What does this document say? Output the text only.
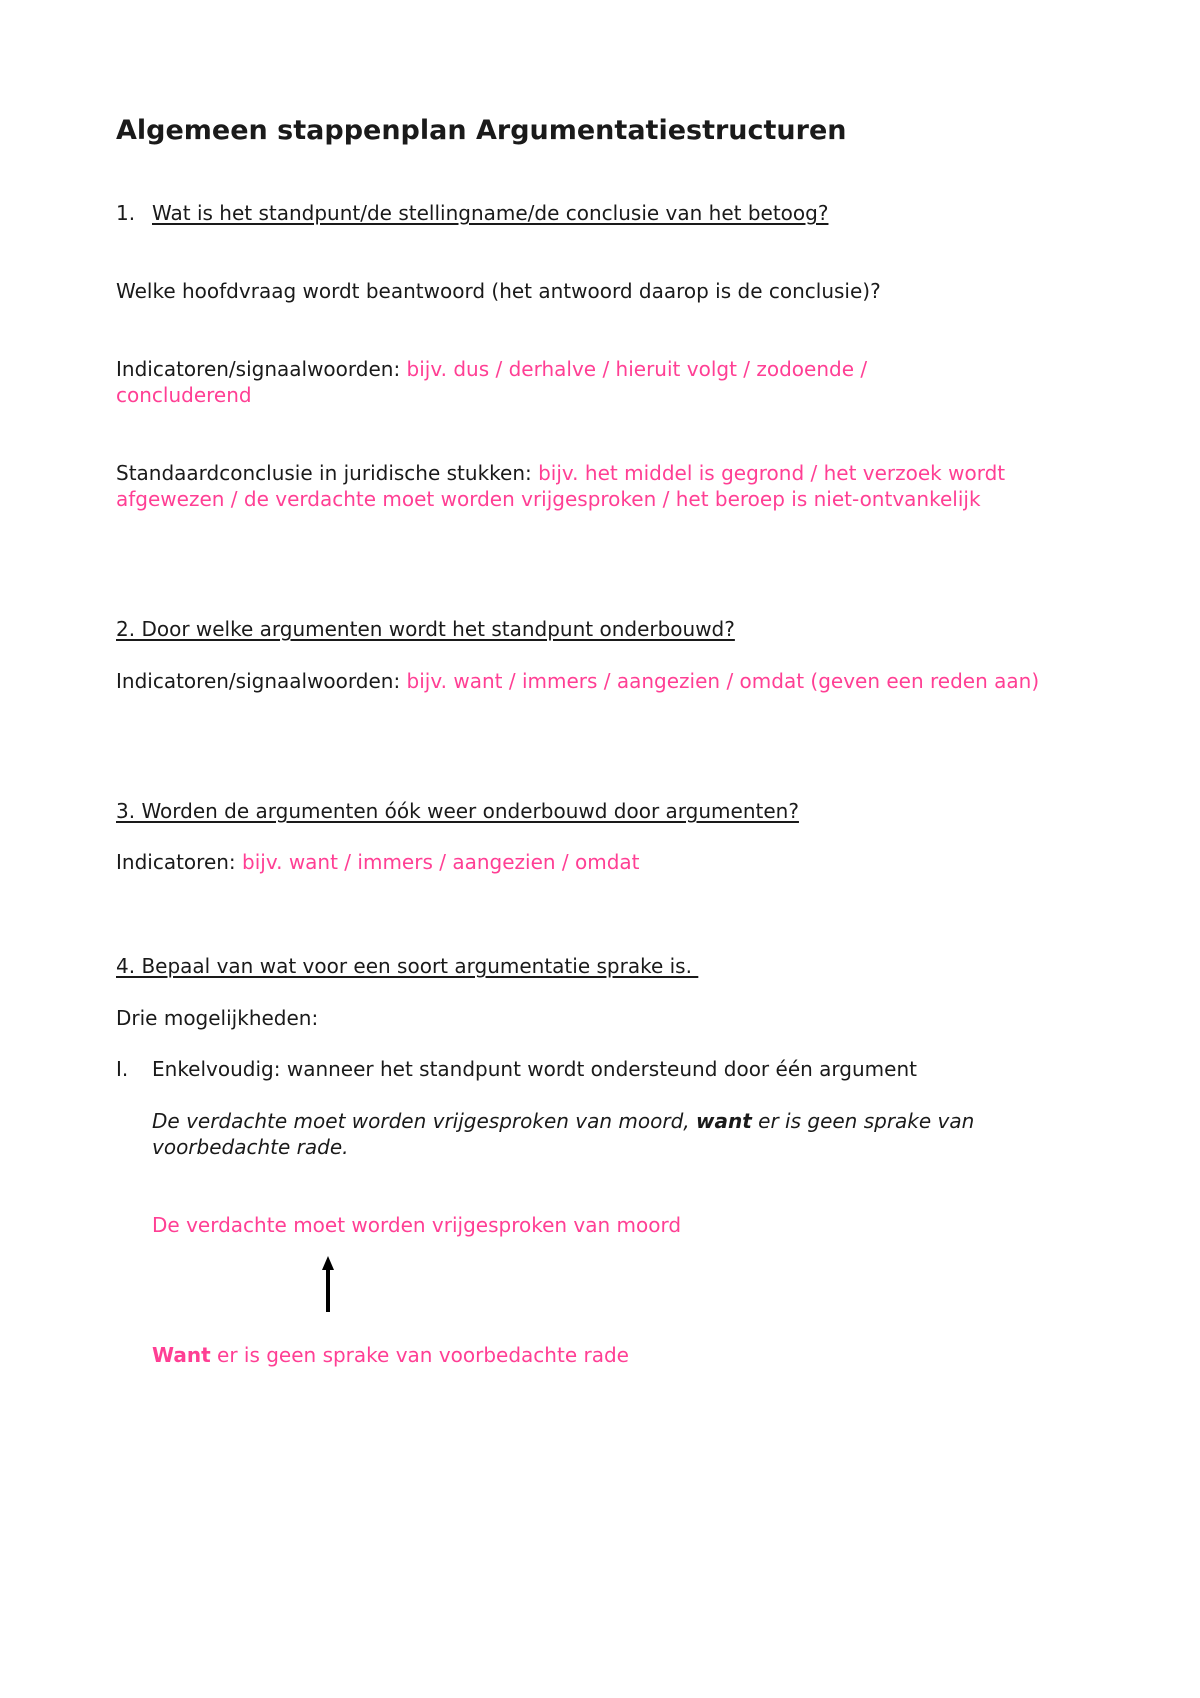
Algemeen stappenplan Argumentatiestructuren
1. Wat is het standpunt/de stellingname/de conclusie van het betoog?
Welke hoofdvraag wordt beantwoord (het antwoord daarop is de conclusie)?

Indicatoren/signaalwoorden: bijv. dus / derhalve / hieruit volgt / zodoende / concluderend

Standaardconclusie in juridische stukken: bijv. het middel is gegrond / het verzoek wordt afgewezen / de verdachte moet worden vrijgesproken / het beroep is niet-ontvankelijk

2. Door welke argumenten wordt het standpunt onderbouwd?

Indicatoren/signaalwoorden: bijv. want / immers / aangezien / omdat (geven een reden aan)

3. Worden de argumenten óók weer onderbouwd door argumenten?

Indicatoren: bijv. want / immers / aangezien / omdat

4. Bepaal van wat voor een soort argumentatie sprake is.
Drie mogelijkheden:
I. Enkelvoudig: wanneer het standpunt wordt ondersteund door één argument

De verdachte moet worden vrijgesproken van moord, want er is geen sprake van voorbedachte rade.

De verdachte moet worden vrijgesproken van moord
Want er is geen sprake van voorbedachte rade
